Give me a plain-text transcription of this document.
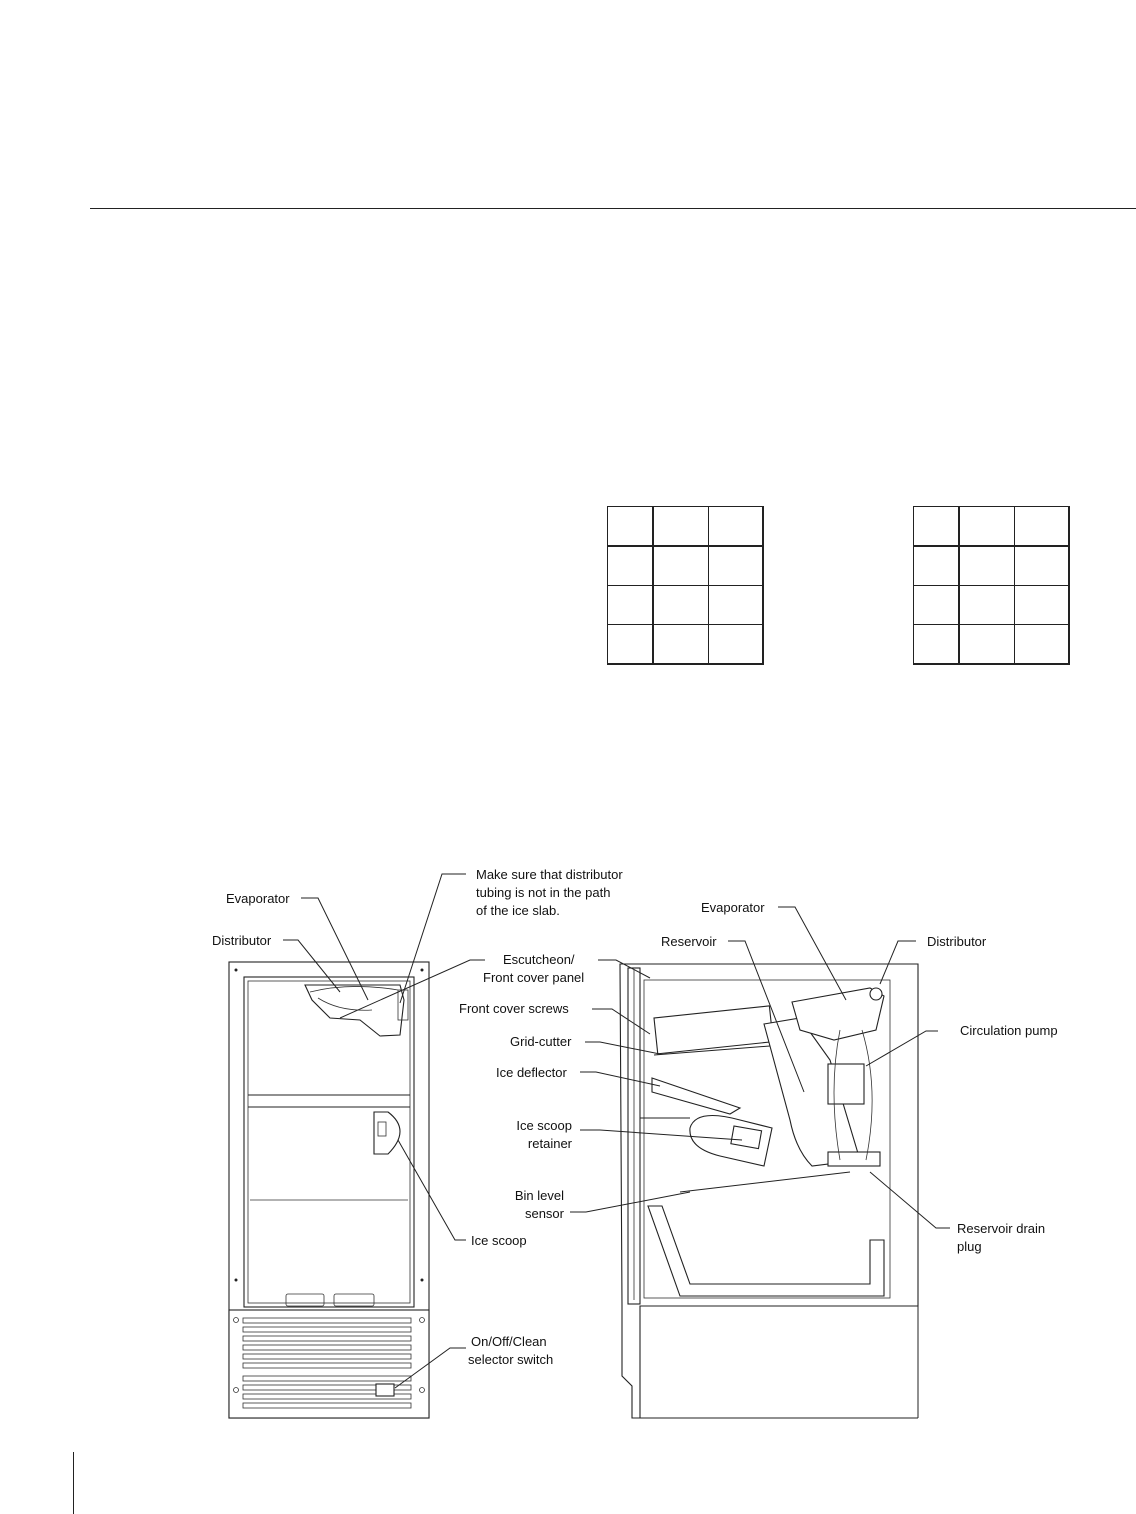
Evaporator
Distributor
Make sure that distributor
tubing is not in the path
of the ice slab.
Ice scoop
On/Off/Clean
selector switch
Evaporator
Reservoir	Distributor
Circulation pump
Escutcheon/
Front cover panel
Front cover screws
Grid-cutter
Ice deflector
Ice scoop
retainer
Bin level
sensor
Reservoir drain
plug
